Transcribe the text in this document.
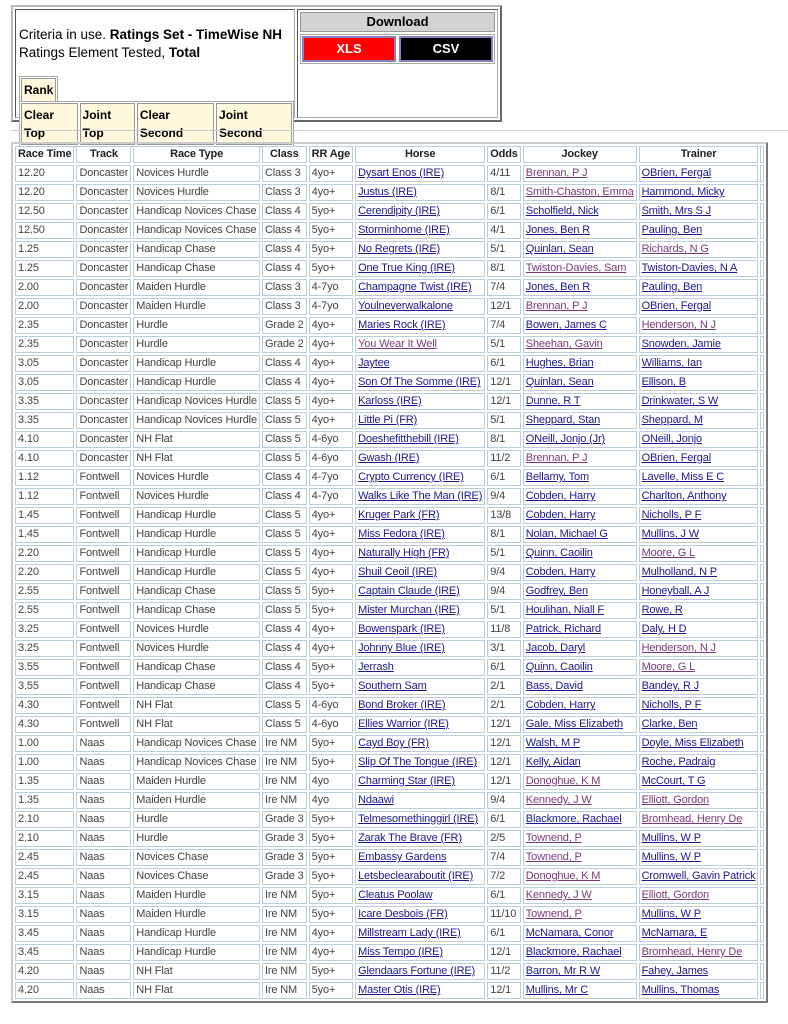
Criteria in use. Ratings Set - TimeWise NH
Ratings Element Tested, Total
Rank
Clear Top
Joint Top
Clear Second
Joint Second
Download
XLS	CSV
Race Time	Track	Race Type	Class	RR Age	Horse	Odds	Jockey	Trainer	
12.20	Doncaster	Novices Hurdle	Class 3	4yo+	Dysart Enos (IRE)	4/11	Brennan, P J	OBrien, Fergal	
12.20	Doncaster	Novices Hurdle	Class 3	4yo+	Justus (IRE)	8/1	Smith-Chaston, Emma	Hammond, Micky	
12.50	Doncaster	Handicap Novices Chase	Class 4	5yo+	Cerendipity (IRE)	6/1	Scholfield, Nick	Smith, Mrs S J	
12.50	Doncaster	Handicap Novices Chase	Class 4	5yo+	Storminhome (IRE)	4/1	Jones, Ben R	Pauling, Ben	
1.25	Doncaster	Handicap Chase	Class 4	5yo+	No Regrets (IRE)	5/1	Quinlan, Sean	Richards, N G	
1.25	Doncaster	Handicap Chase	Class 4	5yo+	One True King (IRE)	8/1	Twiston-Davies, Sam	Twiston-Davies, N A	
2.00	Doncaster	Maiden Hurdle	Class 3	4-7yo	Champagne Twist (IRE)	7/4	Jones, Ben R	Pauling, Ben	
2.00	Doncaster	Maiden Hurdle	Class 3	4-7yo	Youlneverwalkalone	12/1	Brennan, P J	OBrien, Fergal	
2.35	Doncaster	Hurdle	Grade 2	4yo+	Maries Rock (IRE)	7/4	Bowen, James C	Henderson, N J	
2.35	Doncaster	Hurdle	Grade 2	4yo+	You Wear It Well	5/1	Sheehan, Gavin	Snowden, Jamie	
3.05	Doncaster	Handicap Hurdle	Class 4	4yo+	Jaytee	6/1	Hughes, Brian	Williams, Ian	
3.05	Doncaster	Handicap Hurdle	Class 4	4yo+	Son Of The Somme (IRE)	12/1	Quinlan, Sean	Ellison, B	
3.35	Doncaster	Handicap Novices Hurdle	Class 5	4yo+	Karloss (IRE)	12/1	Dunne, R T	Drinkwater, S W	
3.35	Doncaster	Handicap Novices Hurdle	Class 5	4yo+	Little Pi (FR)	5/1	Sheppard, Stan	Sheppard, M	
4.10	Doncaster	NH Flat	Class 5	4-6yo	Doeshefitthebill (IRE)	8/1	ONeill, Jonjo (Jr)	ONeill, Jonjo	
4.10	Doncaster	NH Flat	Class 5	4-6yo	Gwash (IRE)	11/2	Brennan, P J	OBrien, Fergal	
1.12	Fontwell	Novices Hurdle	Class 4	4-7yo	Crypto Currency (IRE)	6/1	Bellamy, Tom	Lavelle, Miss E C	
1.12	Fontwell	Novices Hurdle	Class 4	4-7yo	Walks Like The Man (IRE)	9/4	Cobden, Harry	Charlton, Anthony	
1.45	Fontwell	Handicap Hurdle	Class 5	4yo+	Kruger Park (FR)	13/8	Cobden, Harry	Nicholls, P F	
1.45	Fontwell	Handicap Hurdle	Class 5	4yo+	Miss Fedora (IRE)	8/1	Nolan, Michael G	Mullins, J W	
2.20	Fontwell	Handicap Hurdle	Class 5	4yo+	Naturally High (FR)	5/1	Quinn, Caoilin	Moore, G L	
2.20	Fontwell	Handicap Hurdle	Class 5	4yo+	Shuil Ceoil (IRE)	9/4	Cobden, Harry	Mulholland, N P	
2.55	Fontwell	Handicap Chase	Class 5	5yo+	Captain Claude (IRE)	9/4	Godfrey, Ben	Honeyball, A J	
2.55	Fontwell	Handicap Chase	Class 5	5yo+	Mister Murchan (IRE)	5/1	Houlihan, Niall F	Rowe, R	
3.25	Fontwell	Novices Hurdle	Class 4	4yo+	Bowenspark (IRE)	11/8	Patrick, Richard	Daly, H D	
3.25	Fontwell	Novices Hurdle	Class 4	4yo+	Johnny Blue (IRE)	3/1	Jacob, Daryl	Henderson, N J	
3.55	Fontwell	Handicap Chase	Class 4	5yo+	Jerrash	6/1	Quinn, Caoilin	Moore, G L	
3.55	Fontwell	Handicap Chase	Class 4	5yo+	Southern Sam	2/1	Bass, David	Bandey, R J	
4.30	Fontwell	NH Flat	Class 5	4-6yo	Bond Broker (IRE)	2/1	Cobden, Harry	Nicholls, P F	
4.30	Fontwell	NH Flat	Class 5	4-6yo	Ellies Warrior (IRE)	12/1	Gale, Miss Elizabeth	Clarke, Ben	
1.00	Naas	Handicap Novices Chase	Ire NM	5yo+	Cayd Boy (FR)	12/1	Walsh, M P	Doyle, Miss Elizabeth	
1.00	Naas	Handicap Novices Chase	Ire NM	5yo+	Slip Of The Tongue (IRE)	12/1	Kelly, Aidan	Roche, Padraig	
1.35	Naas	Maiden Hurdle	Ire NM	4yo	Charming Star (IRE)	12/1	Donoghue, K M	McCourt, T G	
1.35	Naas	Maiden Hurdle	Ire NM	4yo	Ndaawi	9/4	Kennedy, J W	Elliott, Gordon	
2.10	Naas	Hurdle	Grade 3	5yo+	Telmesomethinggirl (IRE)	6/1	Blackmore, Rachael	Bromhead, Henry De	
2.10	Naas	Hurdle	Grade 3	5yo+	Zarak The Brave (FR)	2/5	Townend, P	Mullins, W P	
2.45	Naas	Novices Chase	Grade 3	5yo+	Embassy Gardens	7/4	Townend, P	Mullins, W P	
2.45	Naas	Novices Chase	Grade 3	5yo+	Letsbeclearaboutit (IRE)	7/2	Donoghue, K M	Cromwell, Gavin Patrick	
3.15	Naas	Maiden Hurdle	Ire NM	5yo+	Cleatus Poolaw	6/1	Kennedy, J W	Elliott, Gordon	
3.15	Naas	Maiden Hurdle	Ire NM	5yo+	Icare Desbois (FR)	11/10	Townend, P	Mullins, W P	
3.45	Naas	Handicap Hurdle	Ire NM	4yo+	Millstream Lady (IRE)	6/1	McNamara, Conor	McNamara, E	
3.45	Naas	Handicap Hurdle	Ire NM	4yo+	Miss Tempo (IRE)	12/1	Blackmore, Rachael	Bromhead, Henry De	
4.20	Naas	NH Flat	Ire NM	5yo+	Glendaars Fortune (IRE)	11/2	Barron, Mr R W	Fahey, James	
4.20	Naas	NH Flat	Ire NM	5yo+	Master Otis (IRE)	12/1	Mullins, Mr C	Mullins, Thomas	
